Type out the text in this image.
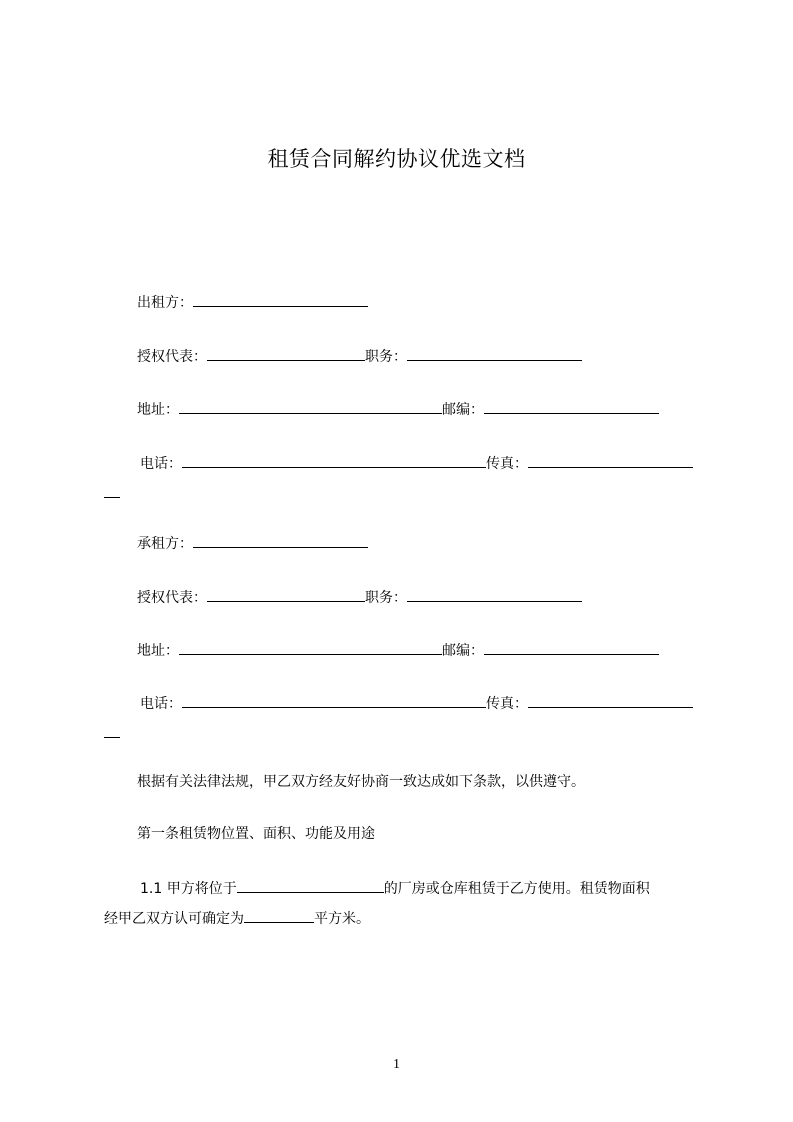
租赁合同解约协议优选文档
出租方：
授权代表：	职务：
地址：	邮编：
电话：	传真：
承租方：
授权代表：	职务：
地址：	邮编：
电话：	传真：
根据有关法律法规，甲乙双方经友好协商一致达成如下条款，以供遵守。
第一条租赁物位置、面积、功能及用途
1.1 甲方将位于	的厂房或仓库租赁于乙方使用。租赁物面积
经甲乙双方认可确定为	平方米。
1
